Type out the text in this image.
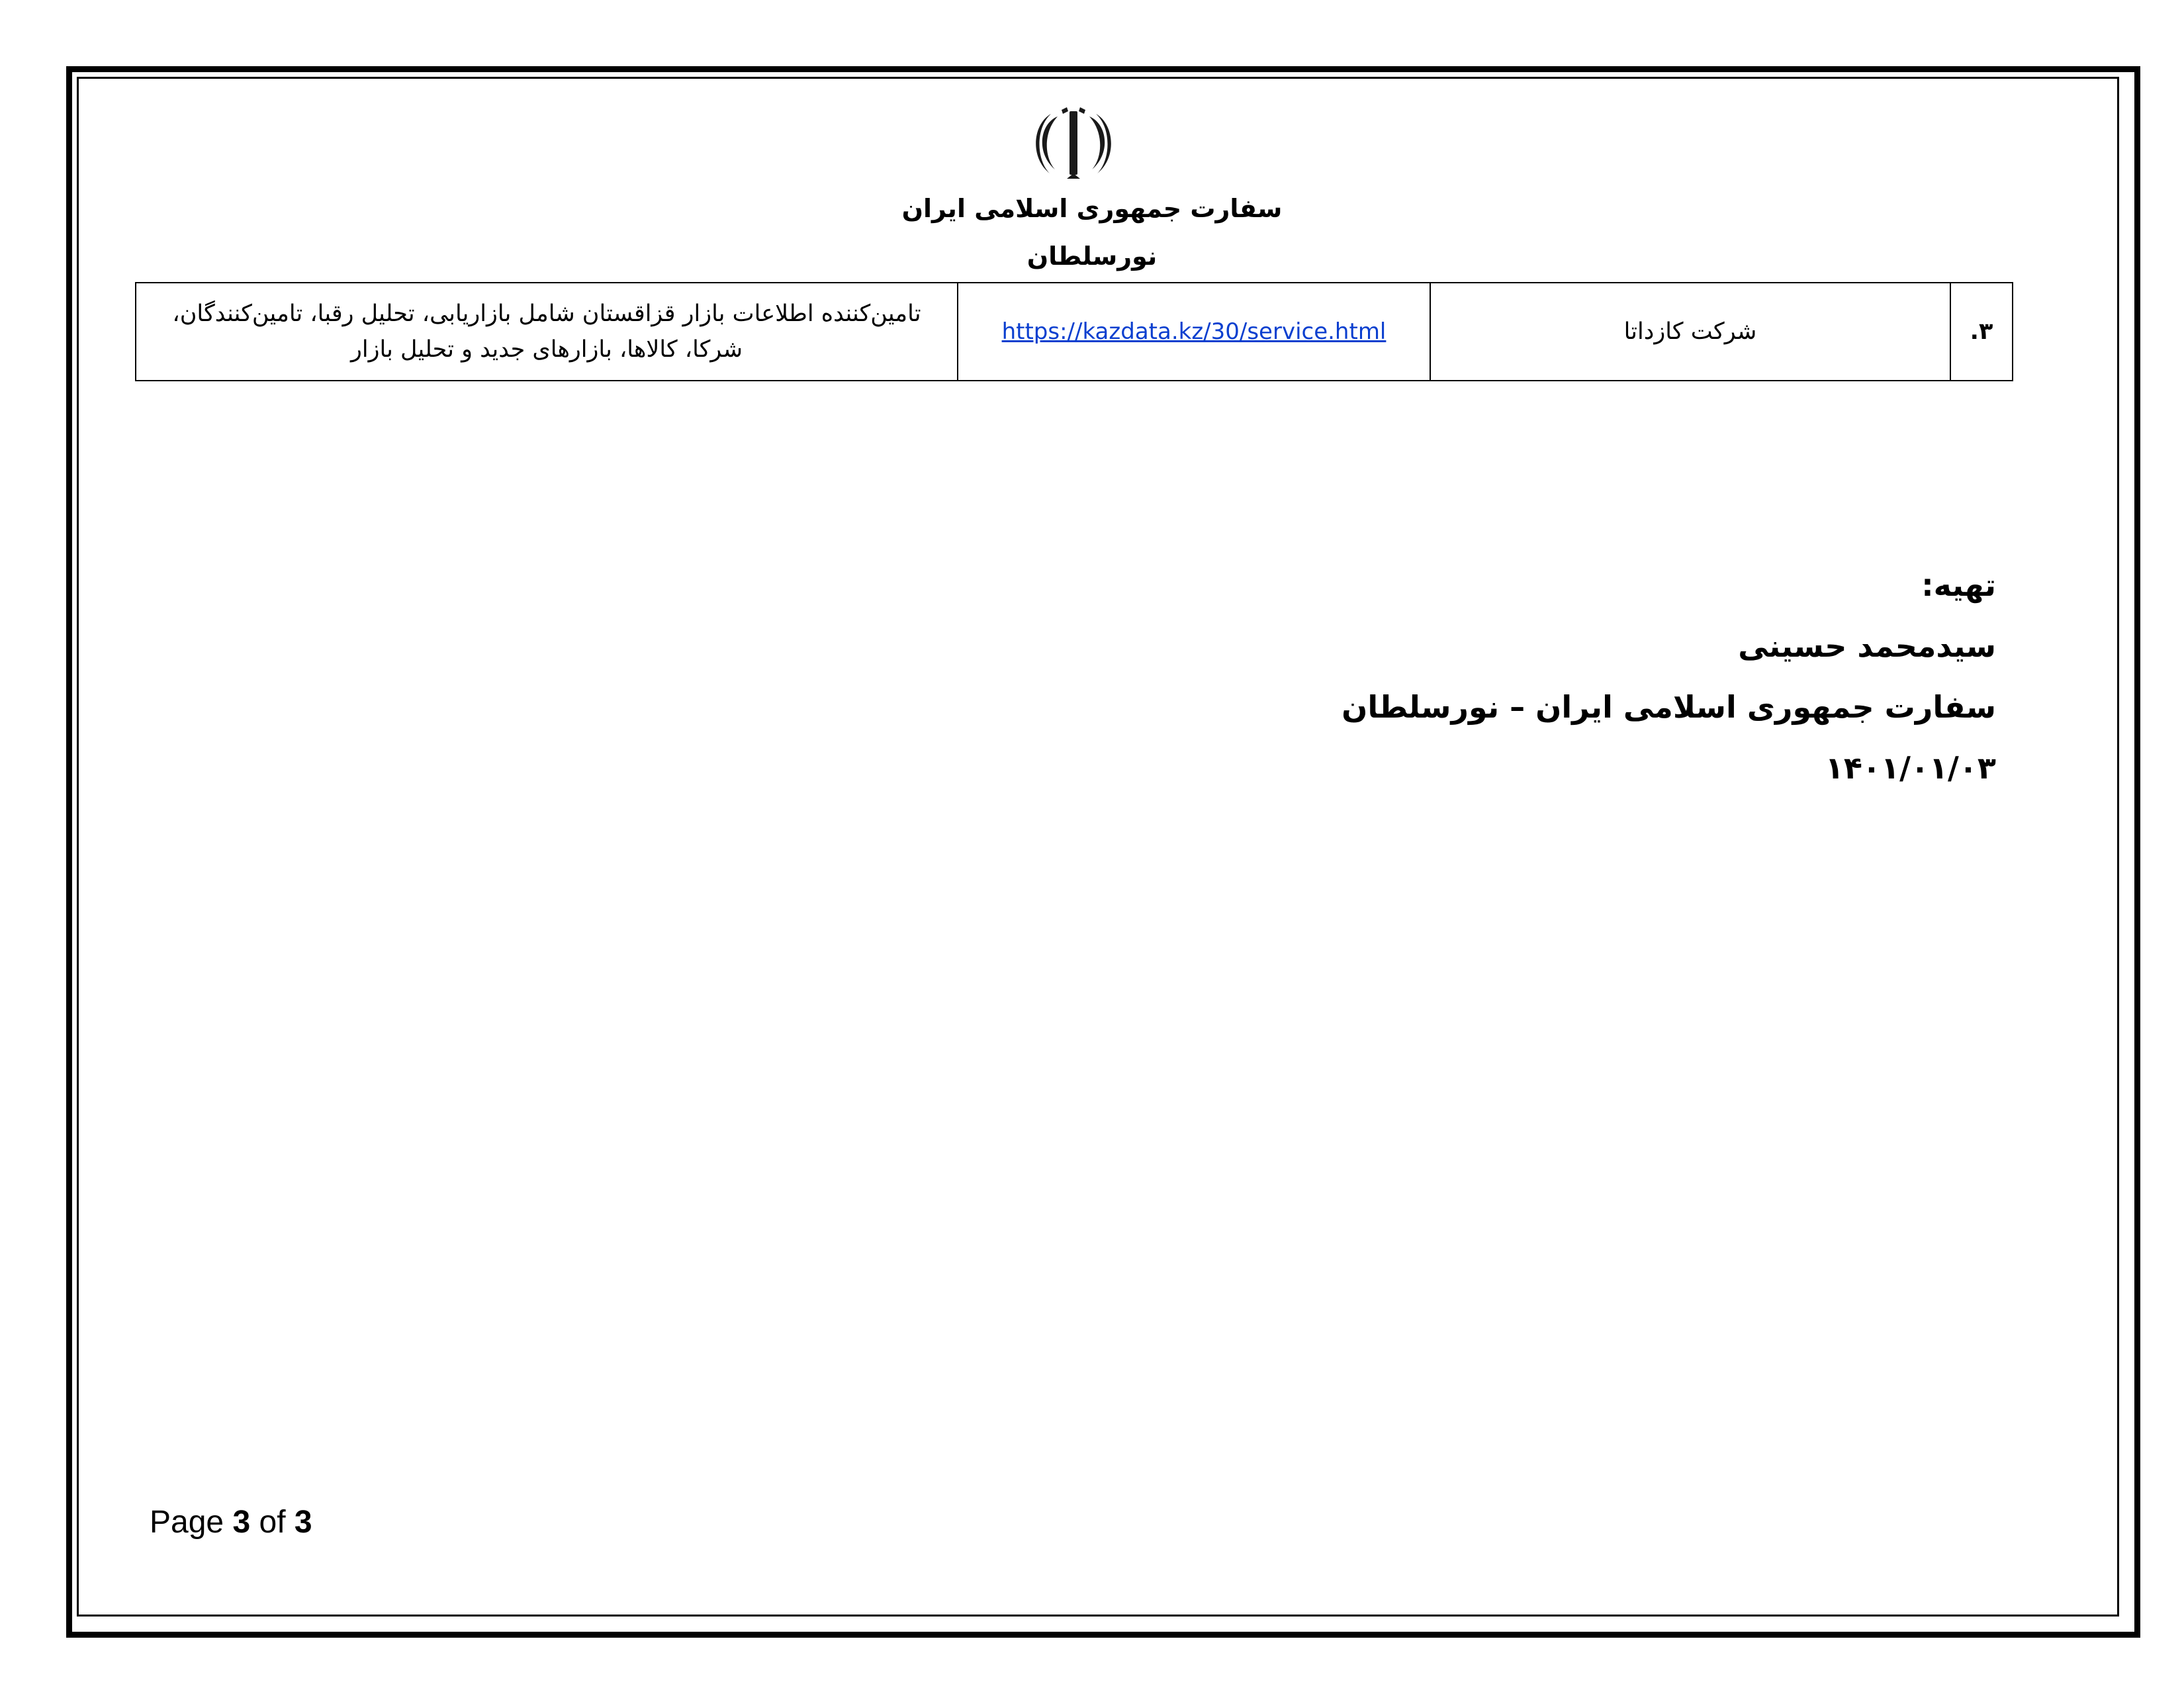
سفارت جمهوری اسلامی ایران
نورسلطان
۳.	شرکت کازداتا	https://kazdata.kz/30/service.html	
تامین‌کننده اطلاعات بازار قزاقستان شامل بازاریابی، تحلیل رقبا، تامین‌کنندگان،
شرکا، کالاها، بازارهای جدید و تحلیل بازار
تهیه:
سیدمحمد حسینی
سفارت جمهوری اسلامی ایران – نورسلطان
۱۴۰۱/۰۱/۰۳
Page 3 of 3
